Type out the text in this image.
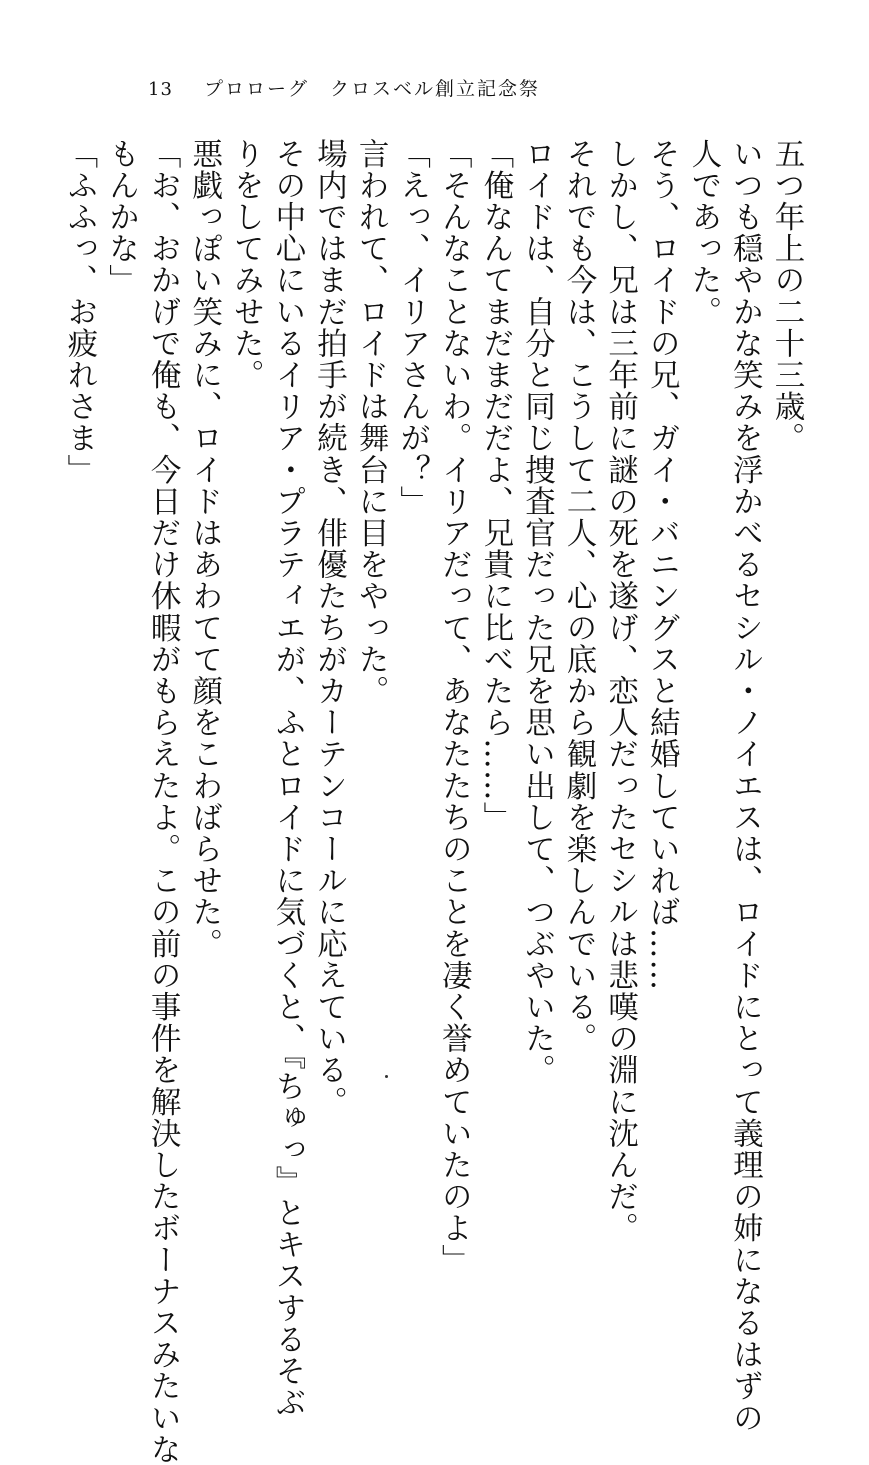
13	プロローグ　クロスベル創立記念祭
五つ年上の二十三歳。
いつも穏やかな笑みを浮かべるセシル・ノイエスは、ロイドにとって義理の姉になるはずの
人であった。
そう、ロイドの兄、ガイ・バニングスと結婚していれば……
しかし、兄は三年前に謎の死を遂げ、恋人だったセシルは悲嘆の淵に沈んだ。
それでも今は、こうして二人、心の底から観劇を楽しんでいる。
ロイドは、自分と同じ捜査官だった兄を思い出して、つぶやいた。
「俺なんてまだまだだよ、兄貴に比べたら……」
「そんなことないわ。イリアだって、あなたたちのことを凄く誉めていたのよ」
「えっ、イリアさんが？」
言われて、ロイドは舞台に目をやった。
場内ではまだ拍手が続き、俳優たちがカーテンコールに応えている。
その中心にいるイリア・プラティエが、ふとロイドに気づくと、『ちゅっ』とキスするそぶ
りをしてみせた。
悪戯っぽい笑みに、ロイドはあわてて顔をこわばらせた。
「お、おかげで俺も、今日だけ休暇がもらえたよ。この前の事件を解決したボーナスみたいな
もんかな」
「ふふっ、お疲れさま」
